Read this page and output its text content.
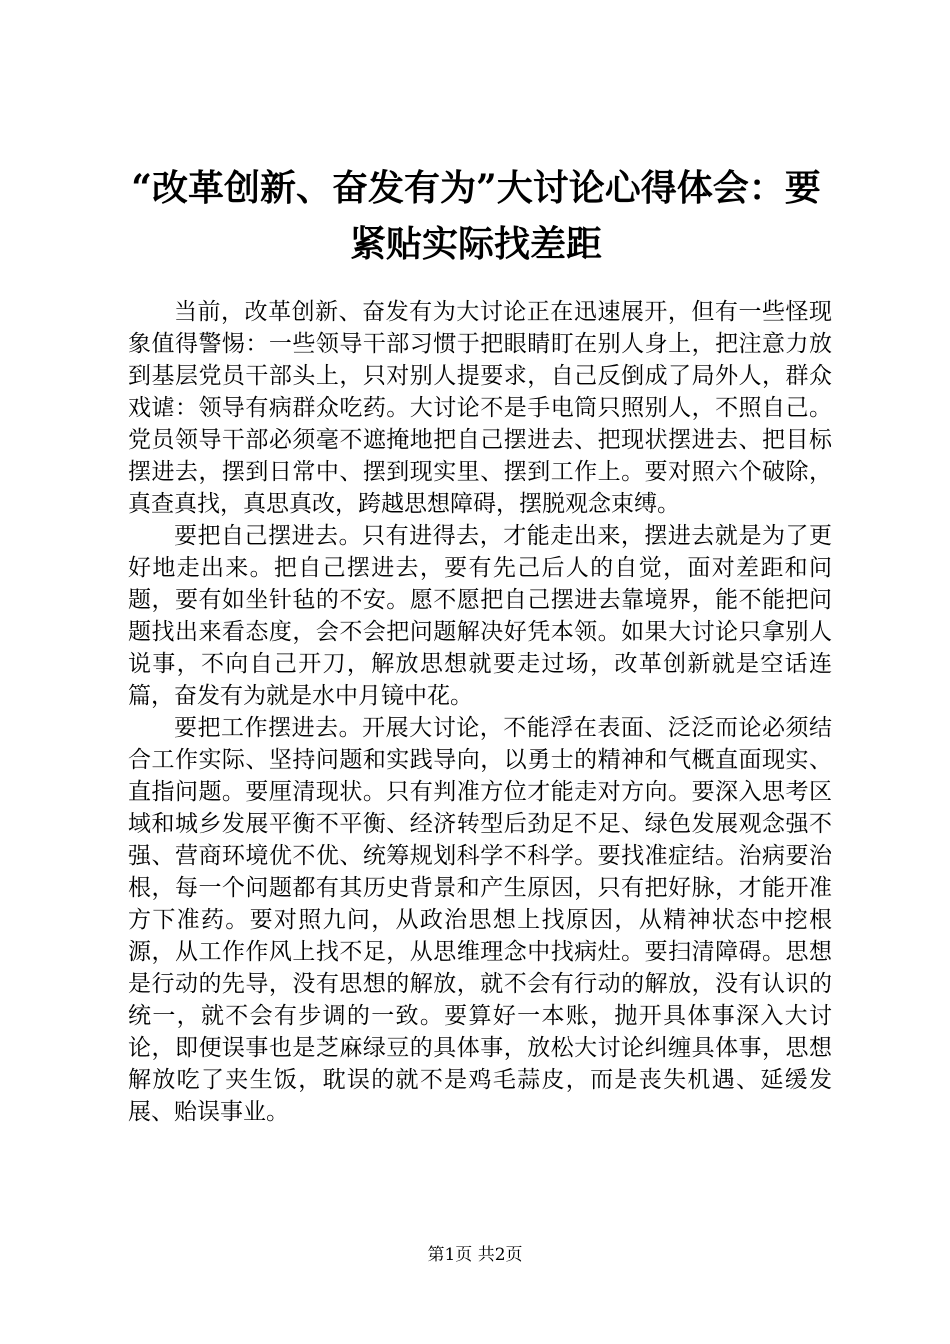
“改革创新、奋发有为”大讨论心得体会：要紧贴实际找差距

当前，改革创新、奋发有为大讨论正在迅速展开，但有一些怪现象值得警惕：一些领导干部习惯于把眼睛盯在别人身上，把注意力放到基层党员干部头上，只对别人提要求，自己反倒成了局外人，群众戏谑：领导有病群众吃药。大讨论不是手电筒只照别人，不照自己。党员领导干部必须毫不遮掩地把自己摆进去、把现状摆进去、把目标摆进去，摆到日常中、摆到现实里、摆到工作上。要对照六个破除，真查真找，真思真改，跨越思想障碍，摆脱观念束缚。

要把自己摆进去。只有进得去，才能走出来，摆进去就是为了更好地走出来。把自己摆进去，要有先己后人的自觉，面对差距和问题，要有如坐针毡的不安。愿不愿把自己摆进去靠境界，能不能把问题找出来看态度，会不会把问题解决好凭本领。如果大讨论只拿别人说事，不向自己开刀，解放思想就要走过场，改革创新就是空话连篇，奋发有为就是水中月镜中花。

要把工作摆进去。开展大讨论，不能浮在表面、泛泛而论必须结合工作实际、坚持问题和实践导向，以勇士的精神和气概直面现实、直指问题。要厘清现状。只有判准方位才能走对方向。要深入思考区域和城乡发展平衡不平衡、经济转型后劲足不足、绿色发展观念强不强、营商环境优不优、统筹规划科学不科学。要找准症结。治病要治根，每一个问题都有其历史背景和产生原因，只有把好脉，才能开准方下准药。要对照九问，从政治思想上找原因，从精神状态中挖根源，从工作作风上找不足，从思维理念中找病灶。要扫清障碍。思想是行动的先导，没有思想的解放，就不会有行动的解放，没有认识的统一，就不会有步调的一致。要算好一本账，抛开具体事深入大讨论，即便误事也是芝麻绿豆的具体事，放松大讨论纠缠具体事，思想解放吃了夹生饭，耽误的就不是鸡毛蒜皮，而是丧失机遇、延缓发展、贻误事业。

第1页 共2页
